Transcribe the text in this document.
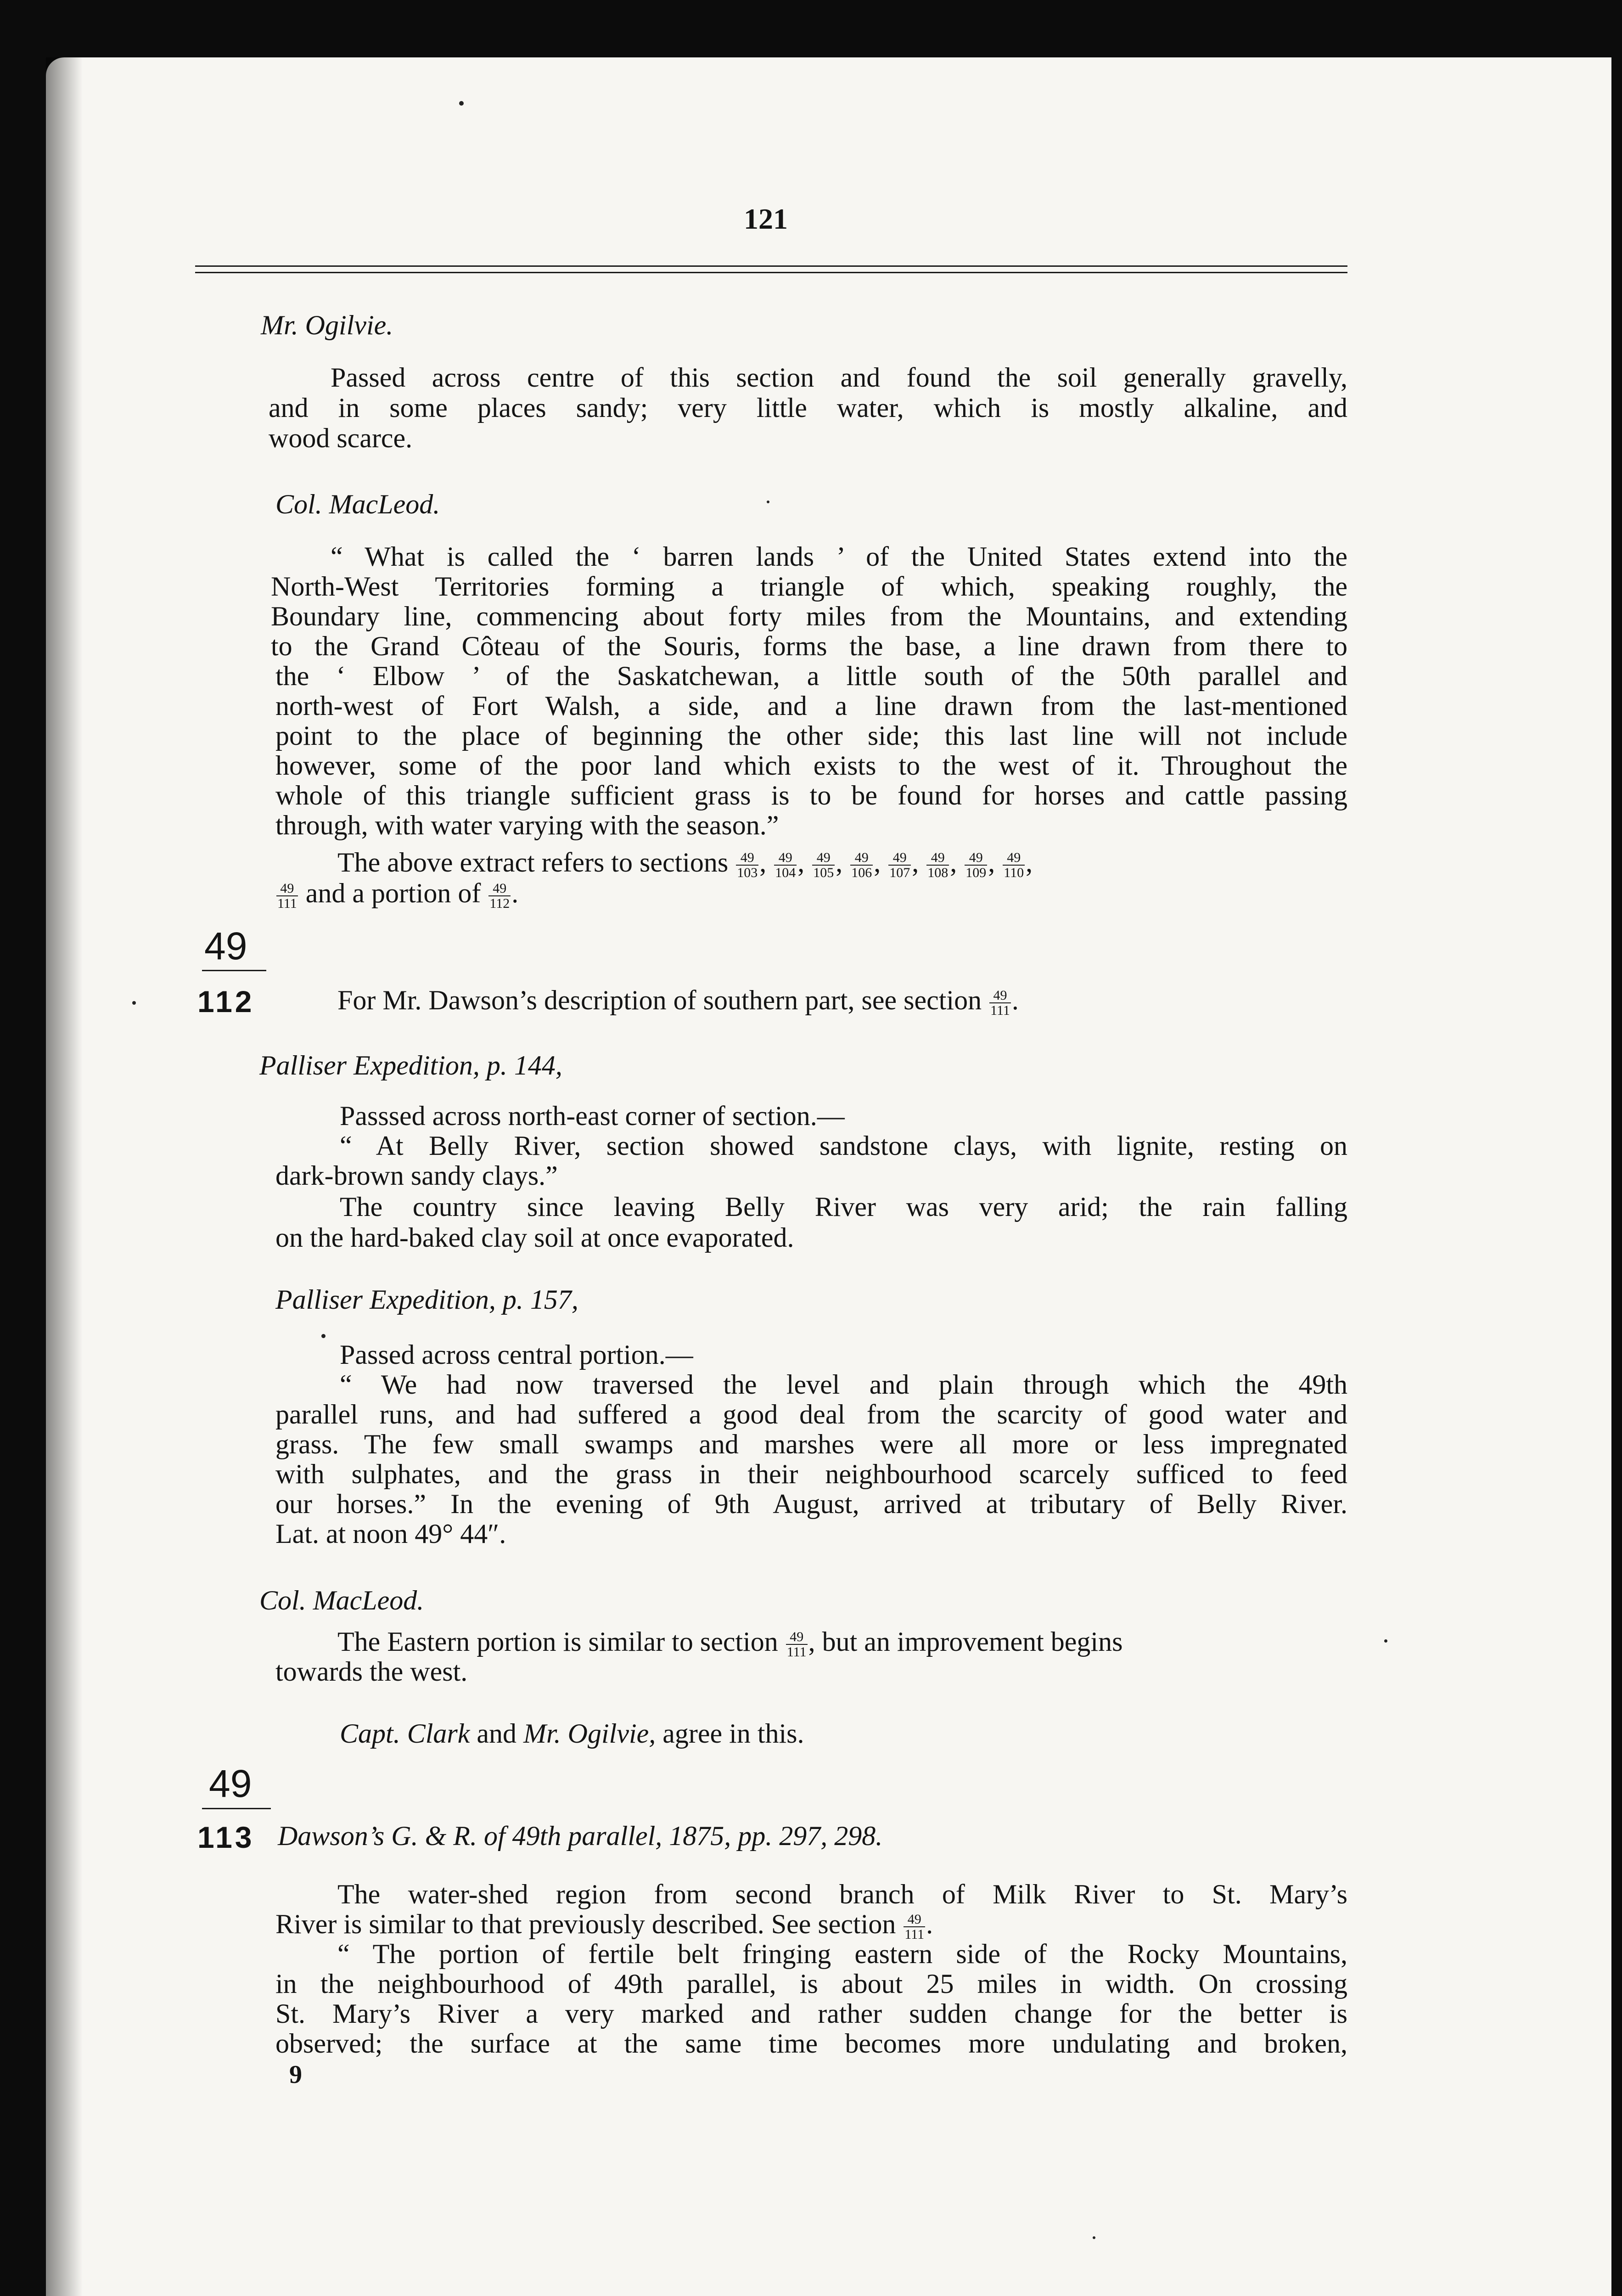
121
Mr. Ogilvie.
Passed across centre of this section and found the soil generally gravelly,
and in some places sandy; very little water, which is mostly alkaline, and
wood scarce.
Col. MacLeod.
“ What is called the ‘ barren lands ’ of the United States extend into the
North-West Territories forming a triangle of which, speaking roughly, the
Boundary line, commencing about forty miles from the Mountains, and extending
to the Grand Côteau of the Souris, forms the base, a line drawn from there to
the ‘ Elbow ’ of the Saskatchewan, a little south of the 50th parallel and
north-west of Fort Walsh, a side, and a line drawn from the last-mentioned
point to the place of beginning the other side; this last line will not include
however, some of the poor land which exists to the west of it. Throughout the
whole of this triangle sufficient grass is to be found for horses and cattle passing
through, with water varying with the season.”
The above extract refers to sections $\frac{49}{103}$ , $\frac{49}{104}$ , $\frac{49}{105}$ , $\frac{49}{106}$ , $\frac{49}{107}$ , $\frac{49}{108}$ , $\frac{49}{109}$ , $\frac{49}{110}$ ,
$\frac{49}{111}$ and a portion of $\frac{49}{112}$ .
49
112	For Mr. Dawson’s description of southern part, see section $\frac{49}{111}$ .
Palliser Expedition, p. 144,
Passsed across north-east corner of section.—
“ At Belly River, section showed sandstone clays, with lignite, resting on
dark-brown sandy clays.”
The country since leaving Belly River was very arid; the rain falling
on the hard-baked clay soil at once evaporated.
Palliser Expedition, p. 157,
Passed across central portion.—
“ We had now traversed the level and plain through which the 49th
parallel runs, and had suffered a good deal from the scarcity of good water and
grass. The few small swamps and marshes were all more or less impregnated
with sulphates, and the grass in their neighbourhood scarcely sufficed to feed
our horses.” In the evening of 9th August, arrived at tributary of Belly River.
Lat. at noon 49° 44″.
Col. MacLeod.
The Eastern portion is similar to section $\frac{49}{111}$ , but an improvement begins
towards the west.
Capt. Clark and Mr. Ogilvie, agree in this.
49
113 Dawson’s G. & R. of 49th parallel, 1875, pp. 297, 298.
The water-shed region from second branch of Milk River to St. Mary’s
River is similar to that previously described. See section $\frac{49}{111}$ .
“ The portion of fertile belt fringing eastern side of the Rocky Mountains,
in the neighbourhood of 49th parallel, is about 25 miles in width. On crossing
St. Mary’s River a very marked and rather sudden change for the better is
observed; the surface at the same time becomes more undulating and broken,
9
